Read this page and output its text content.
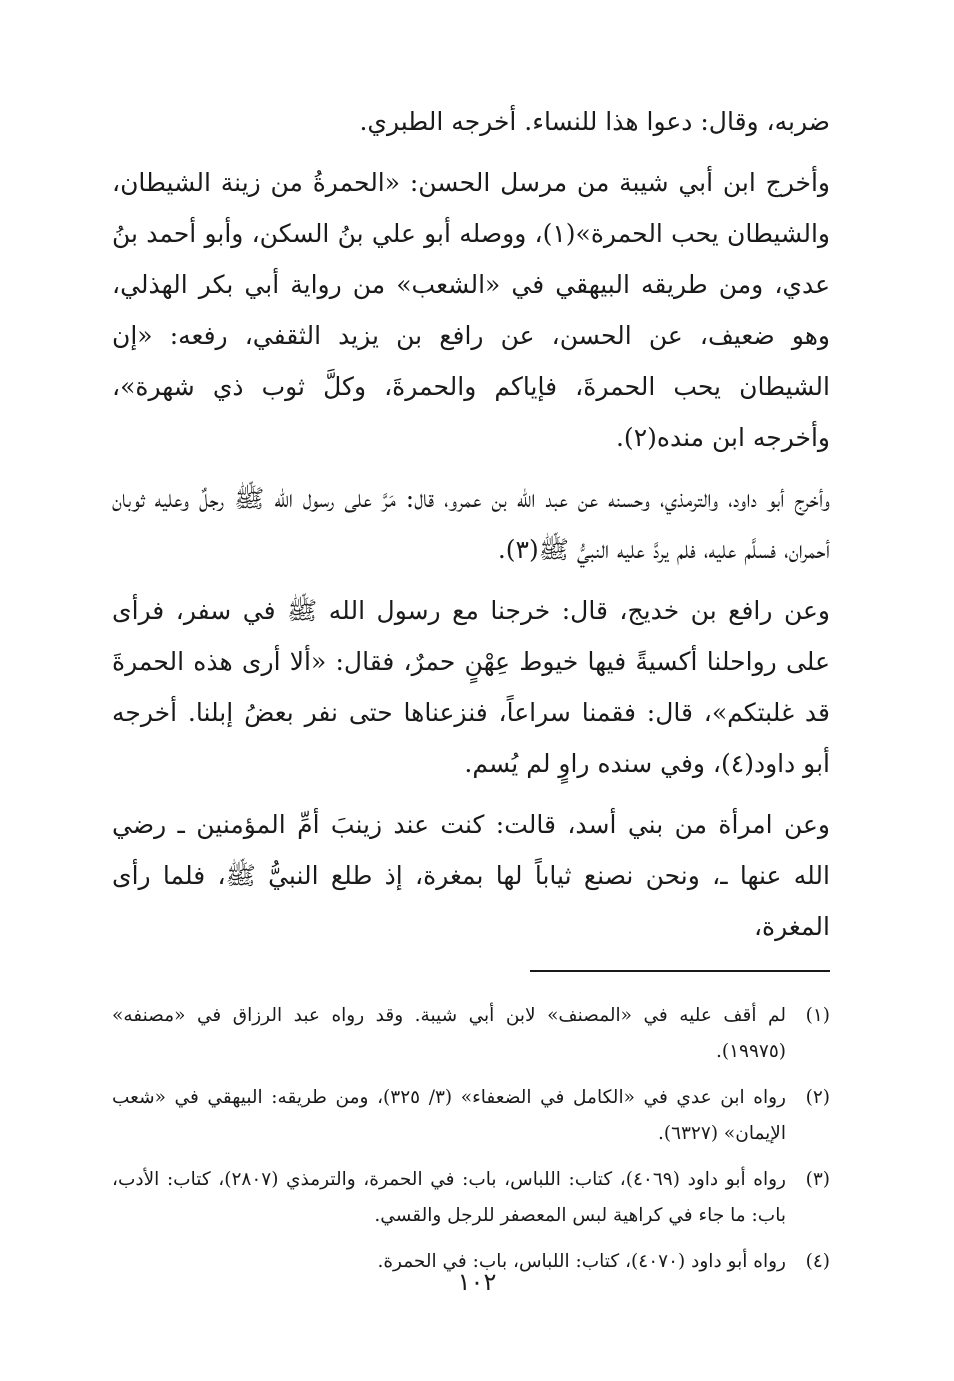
ضربه، وقال: دعوا هذا للنساء. أخرجه الطبري.

وأخرج ابن أبي شيبة من مرسل الحسن: «الحمرةُ من زينة الشيطان، والشيطان يحب الحمرة»(١)، ووصله أبو علي بنُ السكن، وأبو أحمد بنُ عدي، ومن طريقه البيهقي في «الشعب» من رواية أبي بكر الهذلي، وهو ضعيف، عن الحسن، عن رافع بن يزيد الثقفي، رفعه: «إن الشيطان يحب الحمرةَ، فإياكم والحمرةَ، وكلَّ ثوب ذي شهرة»، وأخرجه ابن منده(٢).

وأخرج أبو داود، والترمذي، وحسنه عن عبد الله بن عمرو، قال: مَرَّ على رسول الله ﷺ رجلٌ وعليه ثوبان أحمران، فسلَّم عليه، فلم يردَّ عليه النبيُّ ﷺ(٣).

وعن رافع بن خديج، قال: خرجنا مع رسول الله ﷺ في سفر، فرأى على رواحلنا أكسيةً فيها خيوط عِهْنٍ حمرٌ، فقال: «ألا أرى هذه الحمرةَ قد غلبتكم»، قال: فقمنا سراعاً، فنزعناها حتى نفر بعضُ إبلنا. أخرجه أبو داود(٤)، وفي سنده راوٍ لم يُسم.

وعن امرأة من بني أسد، قالت: كنت عند زينبَ أمِّ المؤمنين ـ رضي الله عنها ـ، ونحن نصنع ثياباً لها بمغرة، إذ طلع النبيُّ ﷺ، فلما رأى المغرة،

(١)
لم أقف عليه في «المصنف» لابن أبي شيبة. وقد رواه عبد الرزاق في «مصنفه» (١٩٩٧٥).
(٢)
رواه ابن عدي في «الكامل في الضعفاء» (٣/ ٣٢٥)، ومن طريقه: البيهقي في «شعب الإيمان» (٦٣٢٧).
(٣)
رواه أبو داود (٤٠٦٩)، كتاب: اللباس، باب: في الحمرة، والترمذي (٢٨٠٧)، كتاب: الأدب، باب: ما جاء في كراهية لبس المعصفر للرجل والقسي.
(٤)
رواه أبو داود (٤٠٧٠)، كتاب: اللباس، باب: في الحمرة.
١٠٢
